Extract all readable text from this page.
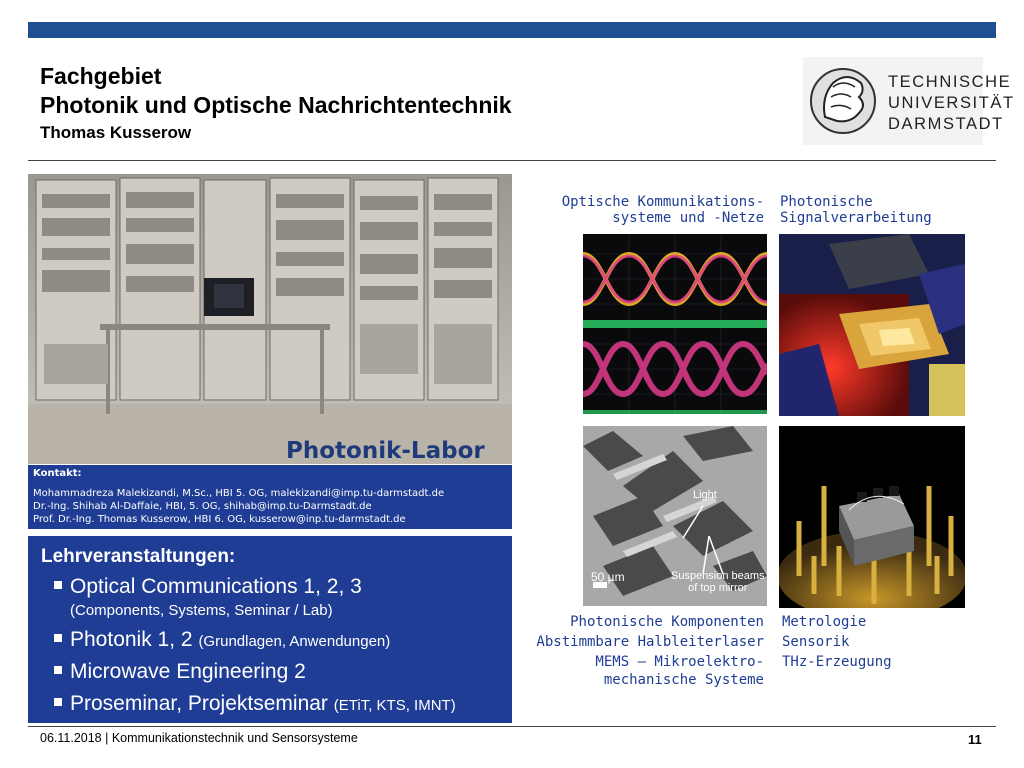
Fachgebiet
Photonik und Optische Nachrichtentechnik
Thomas Kusserow
TECHNISCHE
UNIVERSITÄT
DARMSTADT
Photonik-Labor
Kontakt:
Mohammadreza Malekizandi, M.Sc., HBI 5. OG, malekizandi@imp.tu-darmstadt.de
Dr.-Ing. Shihab Al-Daffaie, HBI, 5. OG, shihab@imp.tu-Darmstadt.de
Prof. Dr.-Ing. Thomas Kusserow, HBI 6. OG, kusserow@inp.tu-darmstadt.de
Lehrveranstaltungen:
Optical Communications 1, 2, 3
(Components, Systems, Seminar / Lab)
Photonik 1, 2 (Grundlagen, Anwendungen)
Microwave Engineering 2
Proseminar, Projektseminar (ETiT, KTS, IMNT)
Optische Kommunikations-
systeme und -Netze
Photonische
Signalverarbeitung
Light
50 µm	Suspension beams
of top mirror
Photonische Komponenten
Abstimmbare Halbleiterlaser
MEMS – Mikroelektro-
mechanische Systeme
Metrologie
Sensorik
THz-Erzeugung
06.11.2018 | Kommunikationstechnik und Sensorsysteme	11
